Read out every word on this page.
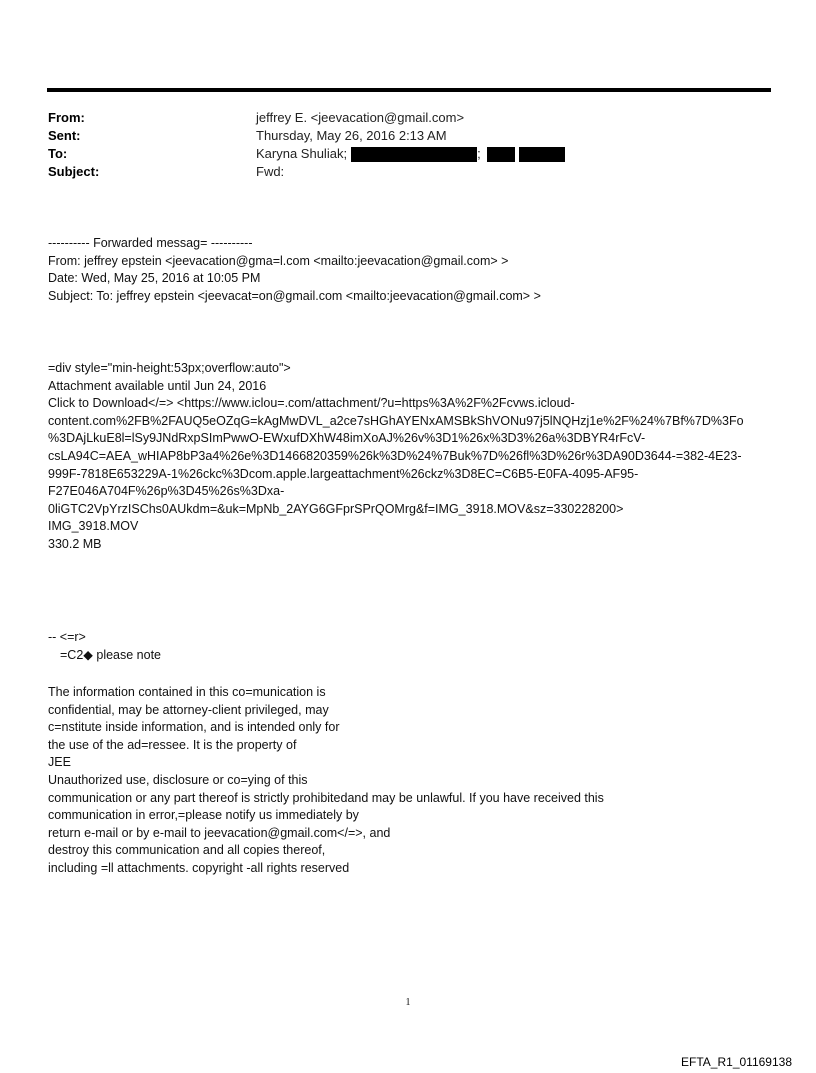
From:	jeffrey E. <jeevacation@gmail.com>
Sent:	Thursday, May 26, 2016 2:13 AM
To:	Karyna Shuliak;	;
Subject:	Fwd:
---------- Forwarded messag= ----------
From: jeffrey epstein <jeevacation@gma=l.com <mailto:jeevacation@gmail.com> >
Date: Wed, May 25, 2016 at 10:05 PM
Subject: To: jeffrey epstein <jeevacat=on@gmail.com <mailto:jeevacation@gmail.com> >
=div style="min-height:53px;overflow:auto">
Attachment available until Jun 24, 2016
Click to Download</=> <https://www.iclou=.com/attachment/?u=https%3A%2F%2Fcvws.icloud-
content.com%2FB%2FAUQ5eOZqG=kAgMwDVL_a2ce7sHGhAYENxAMSBkShVONu97j5lNQHzj1e%2F%24%7Bf%7D%3Fo
%3DAjLkuE8l=lSy9JNdRxpSImPwwO-EWxufDXhW48imXoAJ%26v%3D1%26x%3D3%26a%3DBYR4rFcV-
csLA94C=AEA_wHIAP8bP3a4%26e%3D1466820359%26k%3D%24%7Buk%7D%26fl%3D%26r%3DA90D3644-=382-4E23-
999F-7818E653229A-1%26ckc%3Dcom.apple.largeattachment%26ckz%3D8EC=C6B5-E0FA-4095-AF95-
F27E046A704F%26p%3D45%26s%3Dxa-
0liGTC2VpYrzISChs0AUkdm=&uk=MpNb_2AYG6GFprSPrQOMrg&f=IMG_3918.MOV&sz=330228200>
IMG_3918.MOV
330.2 MB
-- <=r>
=C2◆ please note
The information contained in this co=munication is
confidential, may be attorney-client privileged, may
c=nstitute inside information, and is intended only for
the use of the ad=ressee. It is the property of
JEE
Unauthorized use, disclosure or co=ying of this
communication or any part thereof is strictly prohibitedand may be unlawful. If you have received this
communication in error,=please notify us immediately by
return e-mail or by e-mail to jeevacation@gmail.com</=>, and
destroy this communication and all copies thereof,
including =ll attachments. copyright -all rights reserved
1
EFTA_R1_01169138
